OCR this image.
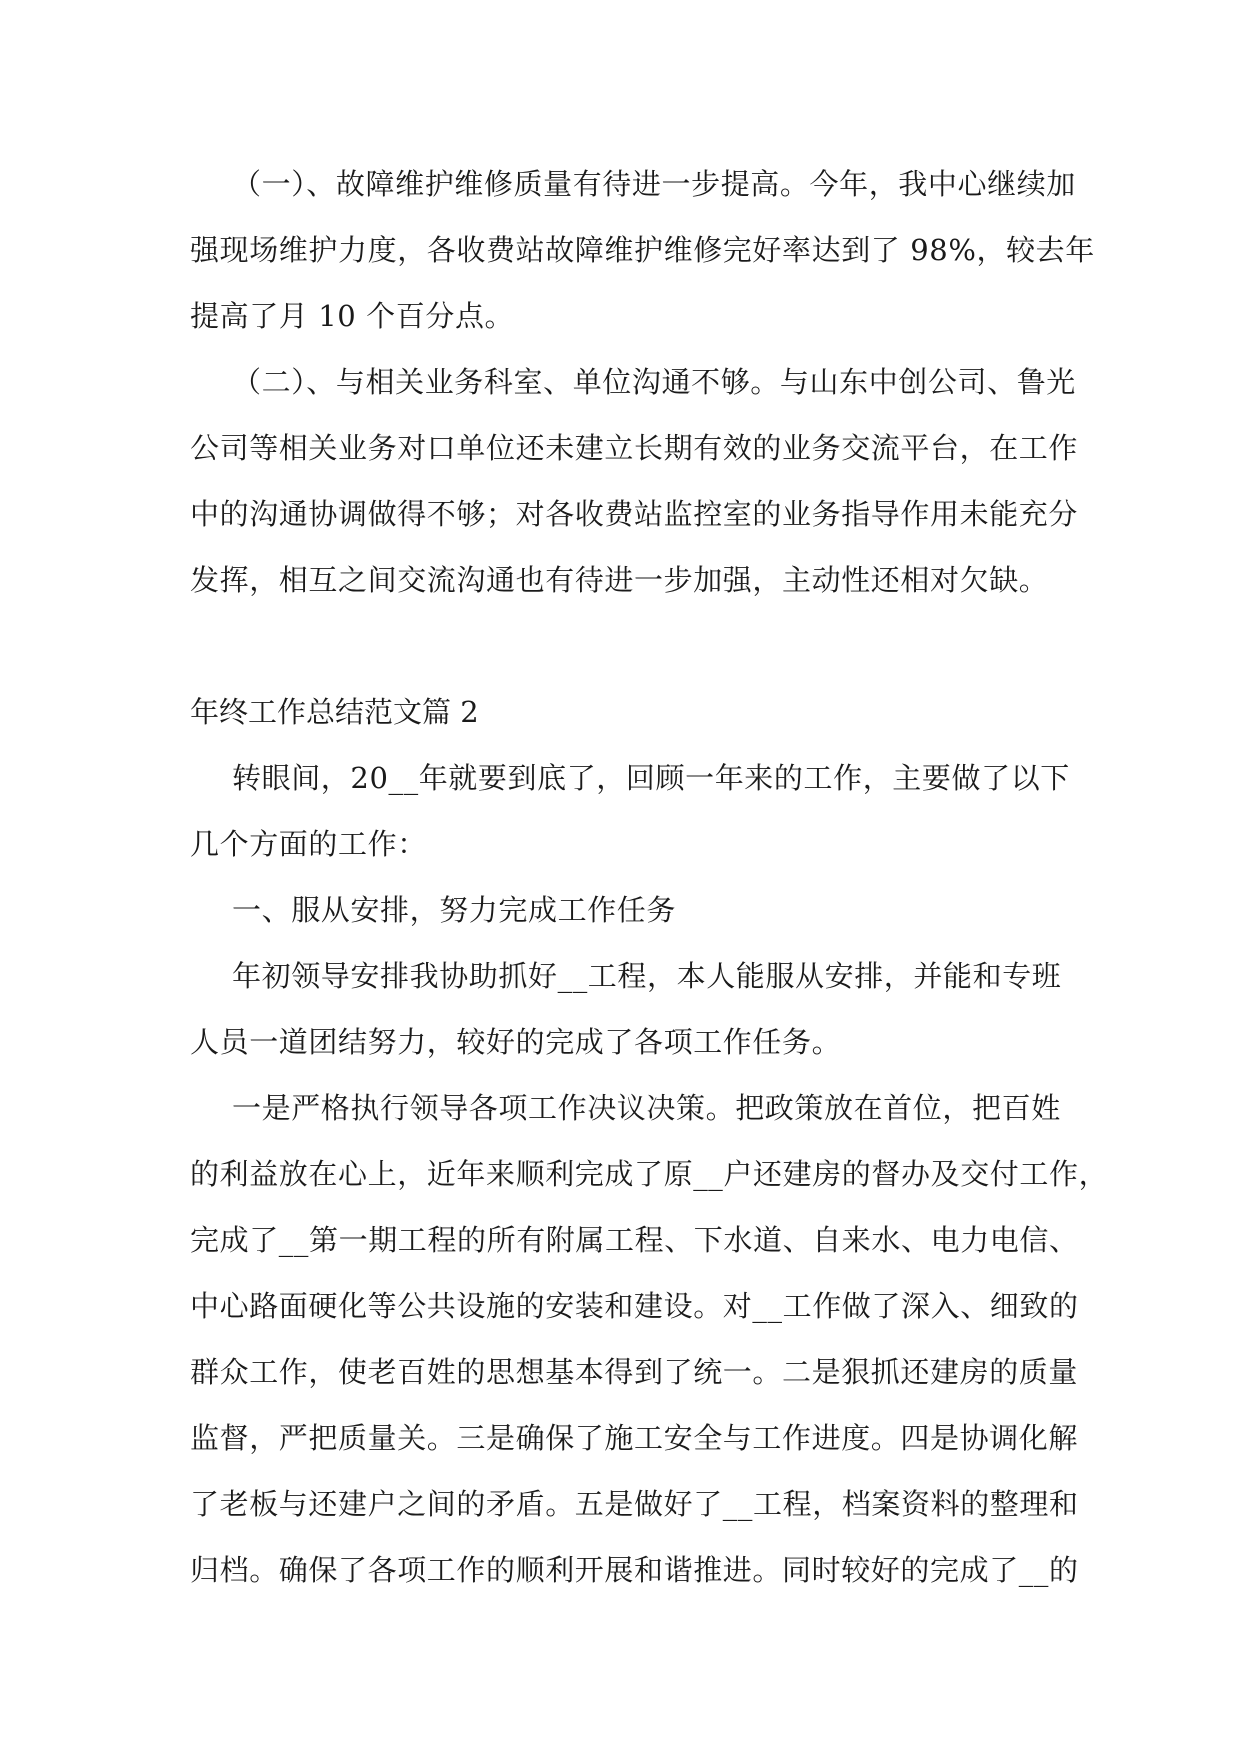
（一）、故障维护维修质量有待进一步提高。今年，我中心继续加
强现场维护力度，各收费站故障维护维修完好率达到了 98%，较去年
提高了月 10 个百分点。
（二）、与相关业务科室、单位沟通不够。与山东中创公司、鲁光
公司等相关业务对口单位还未建立长期有效的业务交流平台，在工作
中的沟通协调做得不够；对各收费站监控室的业务指导作用未能充分
发挥，相互之间交流沟通也有待进一步加强，主动性还相对欠缺。
年终工作总结范文篇 2
转眼间，20__年就要到底了，回顾一年来的工作，主要做了以下
几个方面的工作：
一、服从安排，努力完成工作任务
年初领导安排我协助抓好__工程，本人能服从安排，并能和专班
人员一道团结努力，较好的完成了各项工作任务。
一是严格执行领导各项工作决议决策。把政策放在首位，把百姓
的利益放在心上，近年来顺利完成了原__户还建房的督办及交付工作，
完成了__第一期工程的所有附属工程、下水道、自来水、电力电信、
中心路面硬化等公共设施的安装和建设。对__工作做了深入、细致的
群众工作，使老百姓的思想基本得到了统一。二是狠抓还建房的质量
监督，严把质量关。三是确保了施工安全与工作进度。四是协调化解
了老板与还建户之间的矛盾。五是做好了__工程，档案资料的整理和
归档。确保了各项工作的顺利开展和谐推进。同时较好的完成了__的
